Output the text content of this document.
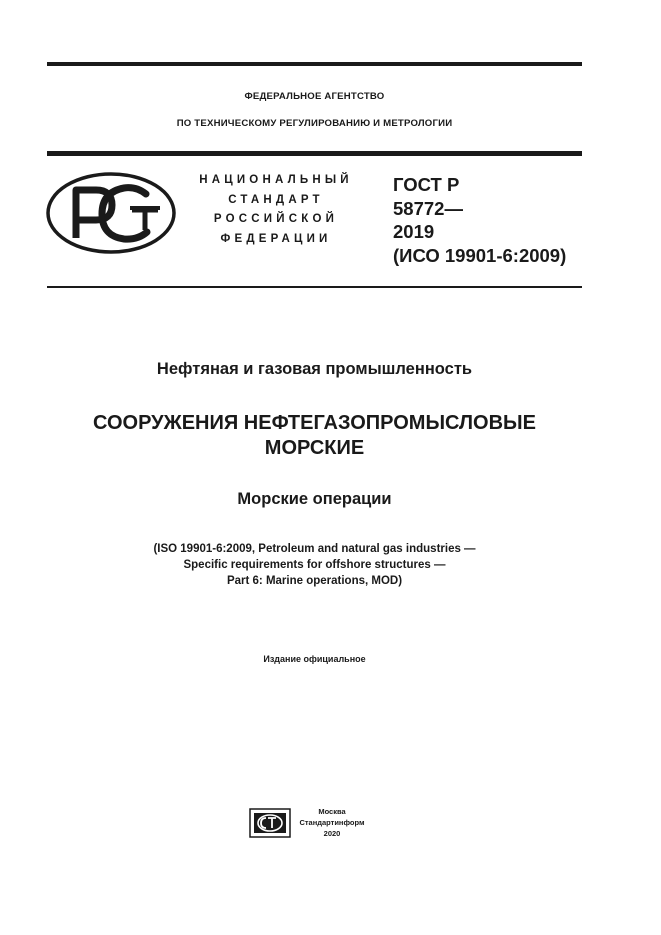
ФЕДЕРАЛЬНОЕ АГЕНТСТВО
ПО ТЕХНИЧЕСКОМУ РЕГУЛИРОВАНИЮ И МЕТРОЛОГИИ
НАЦИОНАЛЬНЫЙ
СТАНДАРТ
РОССИЙСКОЙ
ФЕДЕРАЦИИ
ГОСТ Р
58772—
2019
(ИСО 19901-6:2009)
Нефтяная и газовая промышленность
СООРУЖЕНИЯ НЕФТЕГАЗОПРОМЫСЛОВЫЕ
МОРСКИЕ
Морские операции
(ISO 19901-6:2009, Petroleum and natural gas industries —
Specific requirements for offshore structures —
Part 6: Marine operations, MOD)
Издание официальное
Москва
Стандартинформ
2020
